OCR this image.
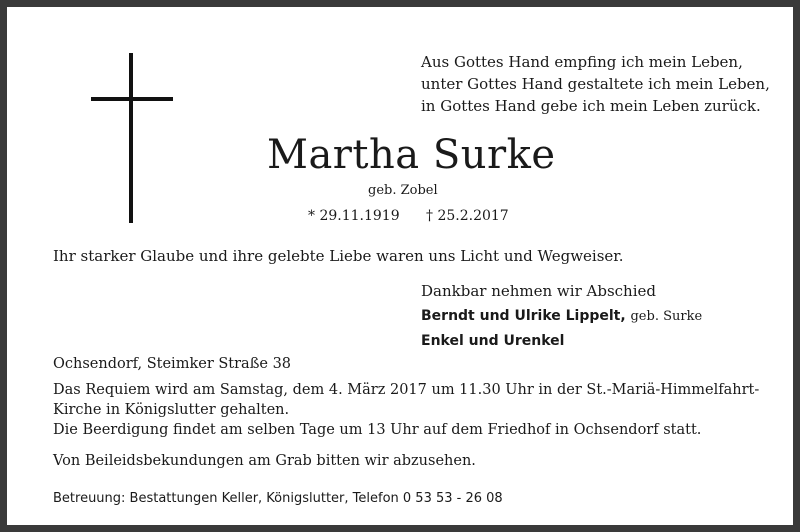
Aus Gottes Hand empfing ich mein Leben,
unter Gottes Hand gestaltete ich mein Leben,
in Gottes Hand gebe ich mein Leben zurück.
Martha Surke
geb. Zobel
* 29.11.1919 † 25.2.2017
Ihr starker Glaube und ihre gelebte Liebe waren uns Licht und Wegweiser.
Dankbar nehmen wir Abschied
Berndt und Ulrike Lippelt, geb. Surke
Enkel und Urenkel
Ochsendorf, Steimker Straße 38
Das Requiem wird am Samstag, dem 4. März 2017 um 11.30 Uhr in der St.-Mariä-Himmelfahrt-
Kirche in Königslutter gehalten.
Die Beerdigung findet am selben Tage um 13 Uhr auf dem Friedhof in Ochsendorf statt.
Von Beileidsbekundungen am Grab bitten wir abzusehen.
Betreuung: Bestattungen Keller, Königslutter, Telefon 0 53 53 - 26 08
